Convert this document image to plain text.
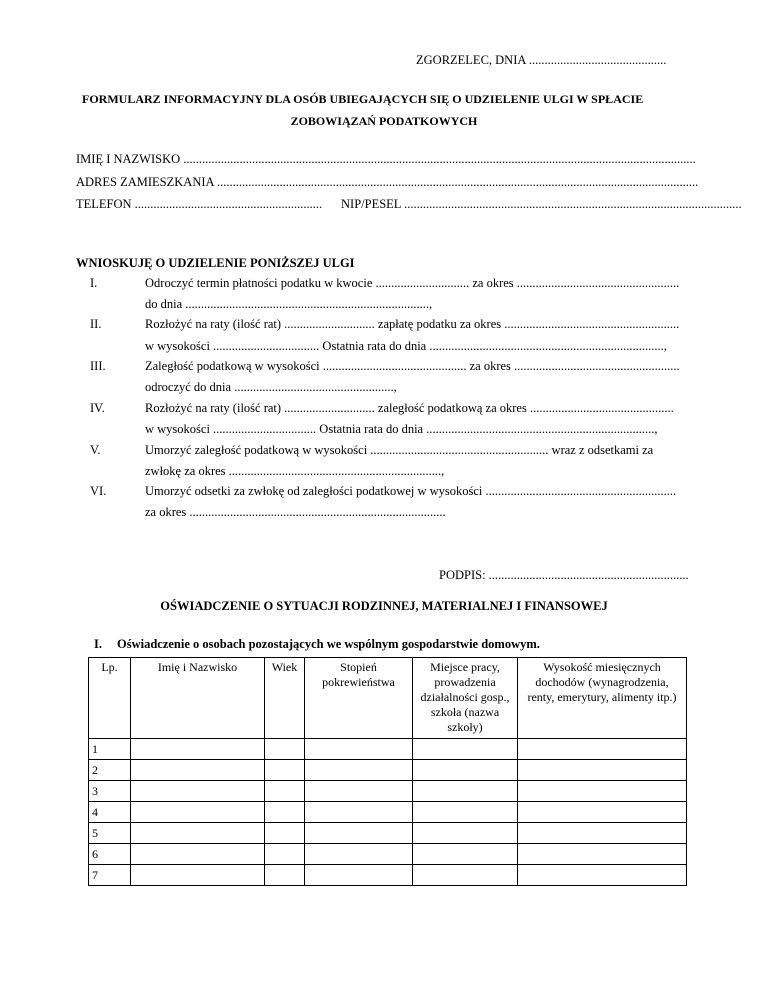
ZGORZELEC, DNIA ............................................
FORMULARZ INFORMACYJNY DLA OSÓB UBIEGAJĄCYCH SIĘ O UDZIELENIE ULGI W SPŁACIE
ZOBOWIĄZAŃ PODATKOWYCH
IMIĘ I NAZWISKO ....................................................................................................................................................................
ADRES ZAMIESZKANIA ..........................................................................................................................................................
TELEFON ............................................................ NIP/PESEL ............................................................................................................
WNIOSKUJĘ O UDZIELENIE PONIŻSZEJ ULGI
I.	Odroczyć termin płatności podatku w kwocie .............................. za okres ....................................................
do dnia ..............................................................................,
II.	Rozłożyć na raty (ilość rat) ............................. zapłatę podatku za okres ........................................................
w wysokości .................................. Ostatnia rata do dnia ...........................................................................,
III.	Zaległość podatkową w wysokości .............................................. za okres .....................................................
odroczyć do dnia ...................................................,
IV.	Rozłożyć na raty (ilość rat) ............................. zaległość podatkową za okres ..............................................
w wysokości ................................. Ostatnia rata do dnia .........................................................................,
V.	Umorzyć zaległość podatkową w wysokości ......................................................... wraz z odsetkami za
zwłokę za okres ....................................................................,
VI.	Umorzyć odsetki za zwłokę od zaległości podatkowej w wysokości .............................................................
za okres ..................................................................................
PODPIS: ................................................................
OŚWIADCZENIE O SYTUACJI RODZINNEJ, MATERIALNEJ I FINANSOWEJ
I. Oświadczenie o osobach pozostających we wspólnym gospodarstwie domowym.
Lp.	Imię i Nazwisko	Wiek	Stopień pokrewieństwa	Miejsce pracy, prowadzenia działalności gosp., szkoła (nazwa szkoły)	Wysokość miesięcznych dochodów (wynagrodzenia, renty, emerytury, alimenty itp.)
1					
2					
3					
4					
5					
6					
7					
